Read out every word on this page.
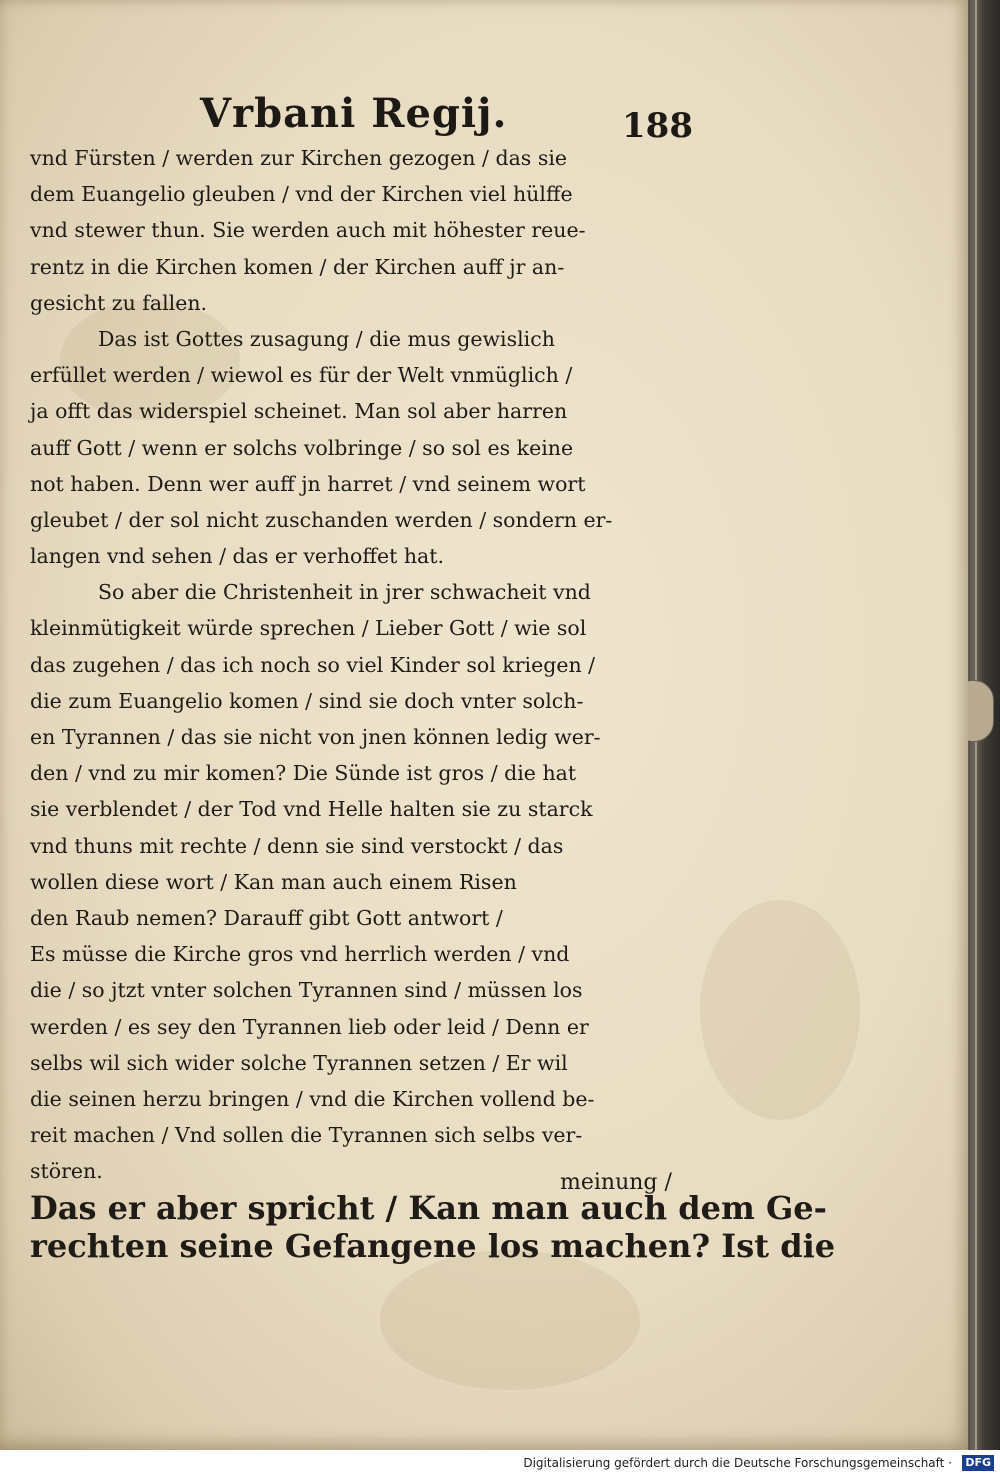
Vrbani Regij.	188
vnd Fürsten / werden zur Kirchen gezogen / das sie
dem Euangelio gleuben / vnd der Kirchen viel hülffe
vnd stewer thun. Sie werden auch mit höhester reue-
rentz in die Kirchen komen / der Kirchen auff jr an-
gesicht zu fallen.
Das ist Gottes zusagung / die mus gewislich
erfüllet werden / wiewol es für der Welt vnmüglich /
ja offt das widerspiel scheinet. Man sol aber harren
auff Gott / wenn er solchs volbringe / so sol es keine
not haben. Denn wer auff jn harret / vnd seinem wort
gleubet / der sol nicht zuschanden werden / sondern er-
langen vnd sehen / das er verhoffet hat.
So aber die Christenheit in jrer schwacheit vnd
kleinmütigkeit würde sprechen / Lieber Gott / wie sol
das zugehen / das ich noch so viel Kinder sol kriegen /
die zum Euangelio komen / sind sie doch vnter solch-
en Tyrannen / das sie nicht von jnen können ledig wer-
den / vnd zu mir komen? Die Sünde ist gros / die hat
sie verblendet / der Tod vnd Helle halten sie zu starck
vnd thuns mit rechte / denn sie sind verstockt / das
wollen diese wort / Kan man auch einem Risen
den Raub nemen? Darauff gibt Gott antwort /
Es müsse die Kirche gros vnd herrlich werden / vnd
die / so jtzt vnter solchen Tyrannen sind / müssen los
werden / es sey den Tyrannen lieb oder leid / Denn er
selbs wil sich wider solche Tyrannen setzen / Er wil
die seinen herzu bringen / vnd die Kirchen vollend be-
reit machen / Vnd sollen die Tyrannen sich selbs ver-
stören.
Das er aber spricht / Kan man auch dem Ge-
rechten seine Gefangene los machen? Ist die
meinung /
Digitalisierung gefördert durch die Deutsche Forschungsgemeinschaft · DFG
